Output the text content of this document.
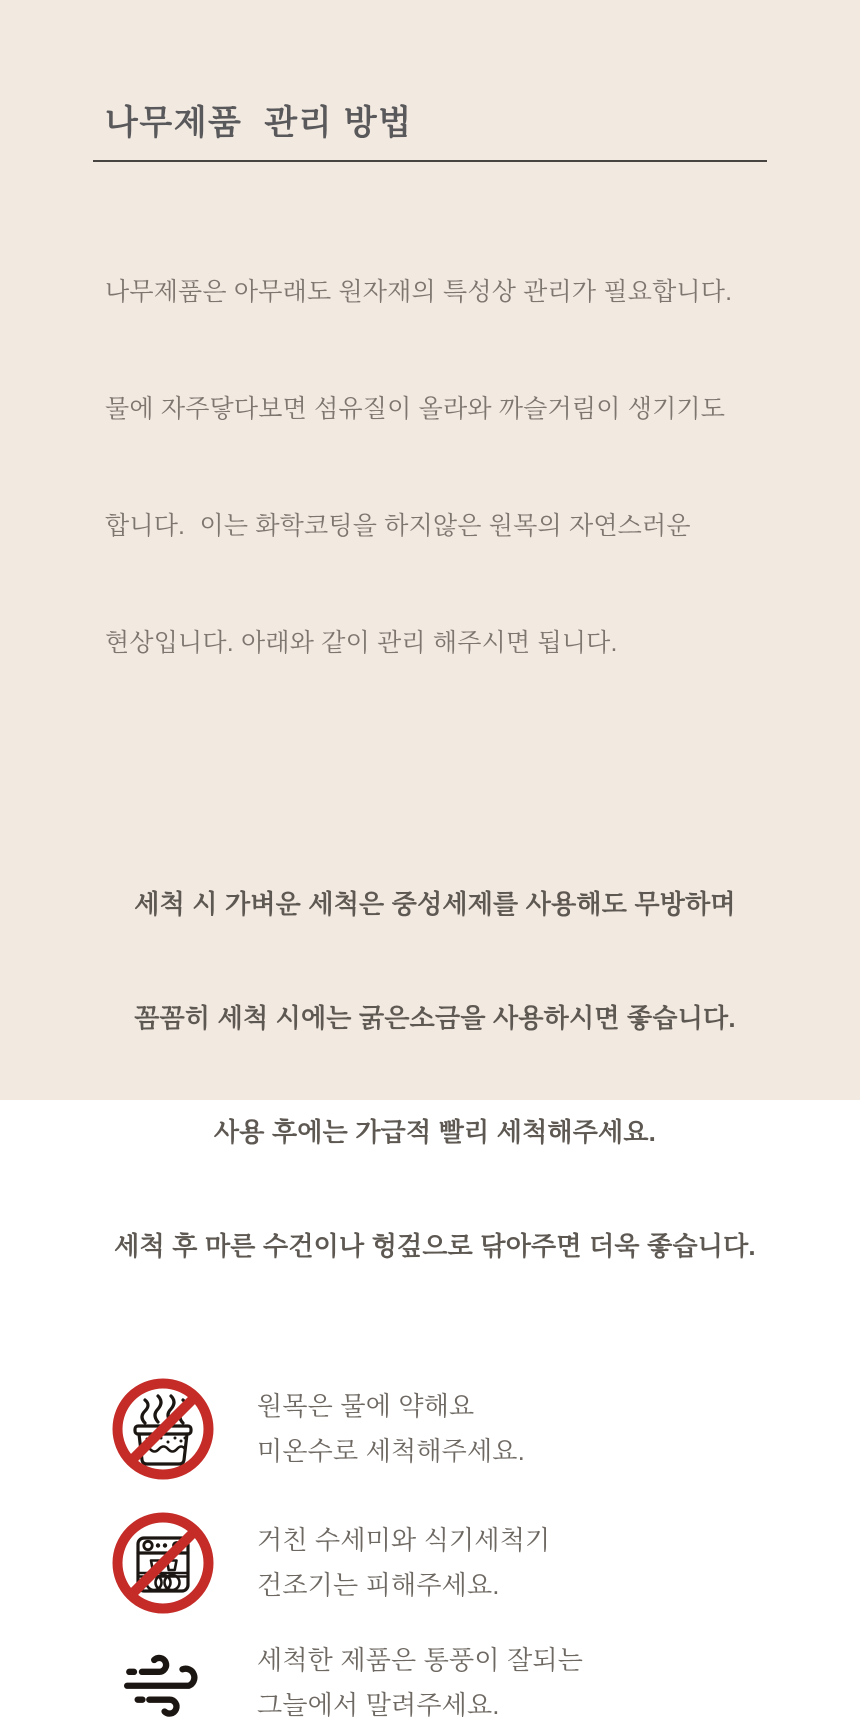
나무제품  관리 방법

나무제품은 아무래도 원자재의 특성상 관리가 필요합니다.

물에 자주닿다보면 섬유질이 올라와 까슬거림이 생기기도

합니다.  이는 화학코팅을 하지않은 원목의 자연스러운

현상입니다. 아래와 같이 관리 해주시면 됩니다.

세척 시 가벼운 세척은 중성세제를 사용해도 무방하며

꼼꼼히 세척 시에는 굵은소금을 사용하시면 좋습니다.

사용 후에는 가급적 빨리 세척해주세요.

세척 후 마른 수건이나 헝겊으로 닦아주면 더욱 좋습니다.

원목은 물에 약해요
미온수로 세척해주세요.
거친 수세미와 식기세척기
건조기는 피해주세요.
세척한 제품은 통풍이 잘되는
그늘에서 말려주세요.
